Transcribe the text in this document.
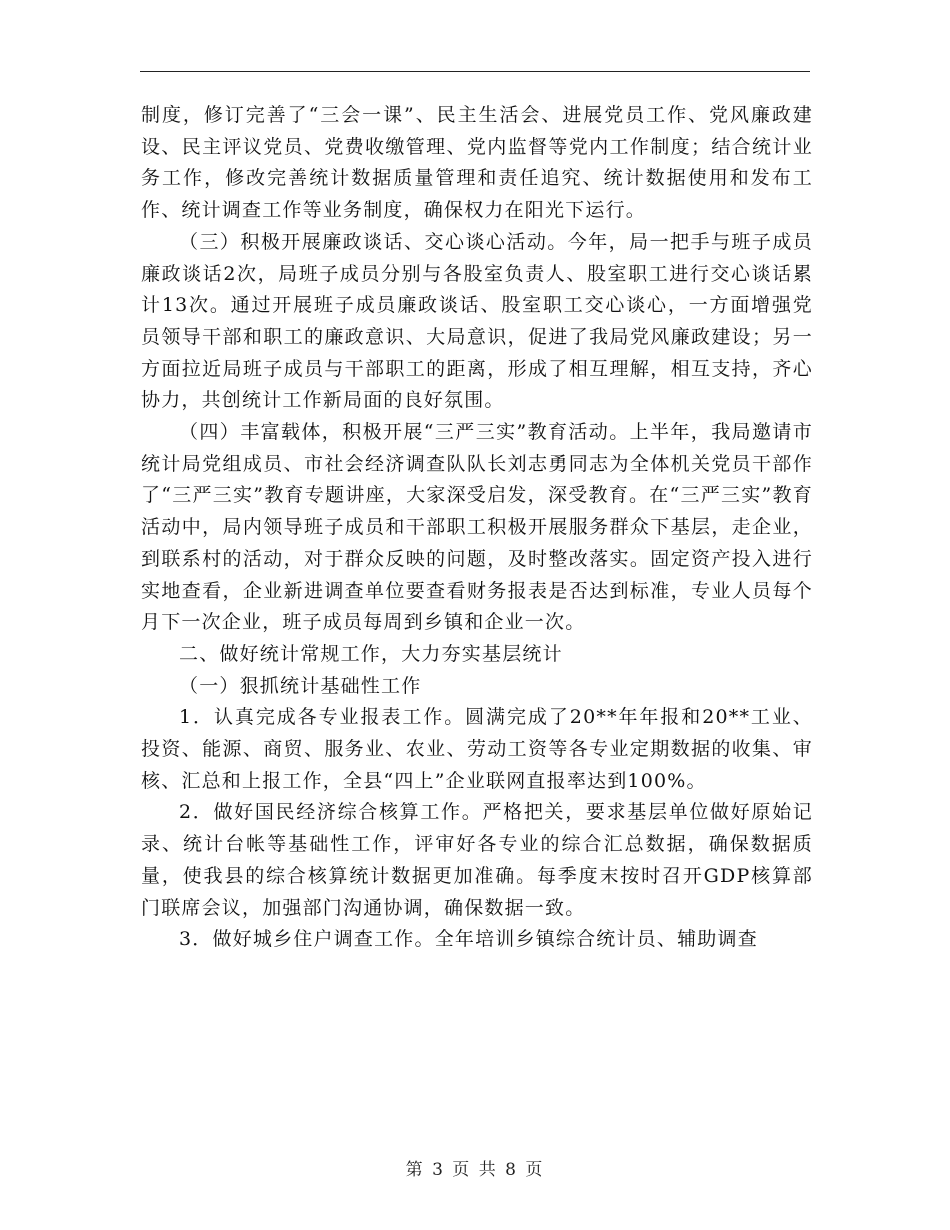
制度，修订完善了“三会一课”、民主生活会、进展党员工作、党风廉政建设、民主评议党员、党费收缴管理、党内监督等党内工作制度；结合统计业务工作，修改完善统计数据质量管理和责任追究、统计数据使用和发布工作、统计调查工作等业务制度，确保权力在阳光下运行。

（三）积极开展廉政谈话、交心谈心活动。今年，局一把手与班子成员廉政谈话2次，局班子成员分别与各股室负责人、股室职工进行交心谈话累计13次。通过开展班子成员廉政谈话、股室职工交心谈心，一方面增强党员领导干部和职工的廉政意识、大局意识，促进了我局党风廉政建设；另一方面拉近局班子成员与干部职工的距离，形成了相互理解，相互支持，齐心协力，共创统计工作新局面的良好氛围。

（四）丰富载体，积极开展“三严三实”教育活动。上半年，我局邀请市统计局党组成员、市社会经济调查队队长刘志勇同志为全体机关党员干部作了“三严三实”教育专题讲座，大家深受启发，深受教育。在“三严三实”教育活动中，局内领导班子成员和干部职工积极开展服务群众下基层，走企业，到联系村的活动，对于群众反映的问题，及时整改落实。固定资产投入进行实地查看，企业新进调查单位要查看财务报表是否达到标准，专业人员每个月下一次企业，班子成员每周到乡镇和企业一次。

二、做好统计常规工作，大力夯实基层统计

（一）狠抓统计基础性工作

1．认真完成各专业报表工作。圆满完成了20**年年报和20**工业、投资、能源、商贸、服务业、农业、劳动工资等各专业定期数据的收集、审核、汇总和上报工作，全县“四上”企业联网直报率达到100%。

2．做好国民经济综合核算工作。严格把关，要求基层单位做好原始记录、统计台帐等基础性工作，评审好各专业的综合汇总数据，确保数据质量，使我县的综合核算统计数据更加准确。每季度末按时召开GDP核算部门联席会议，加强部门沟通协调，确保数据一致。

3．做好城乡住户调查工作。全年培训乡镇综合统计员、辅助调查

第 3 页 共 8 页
